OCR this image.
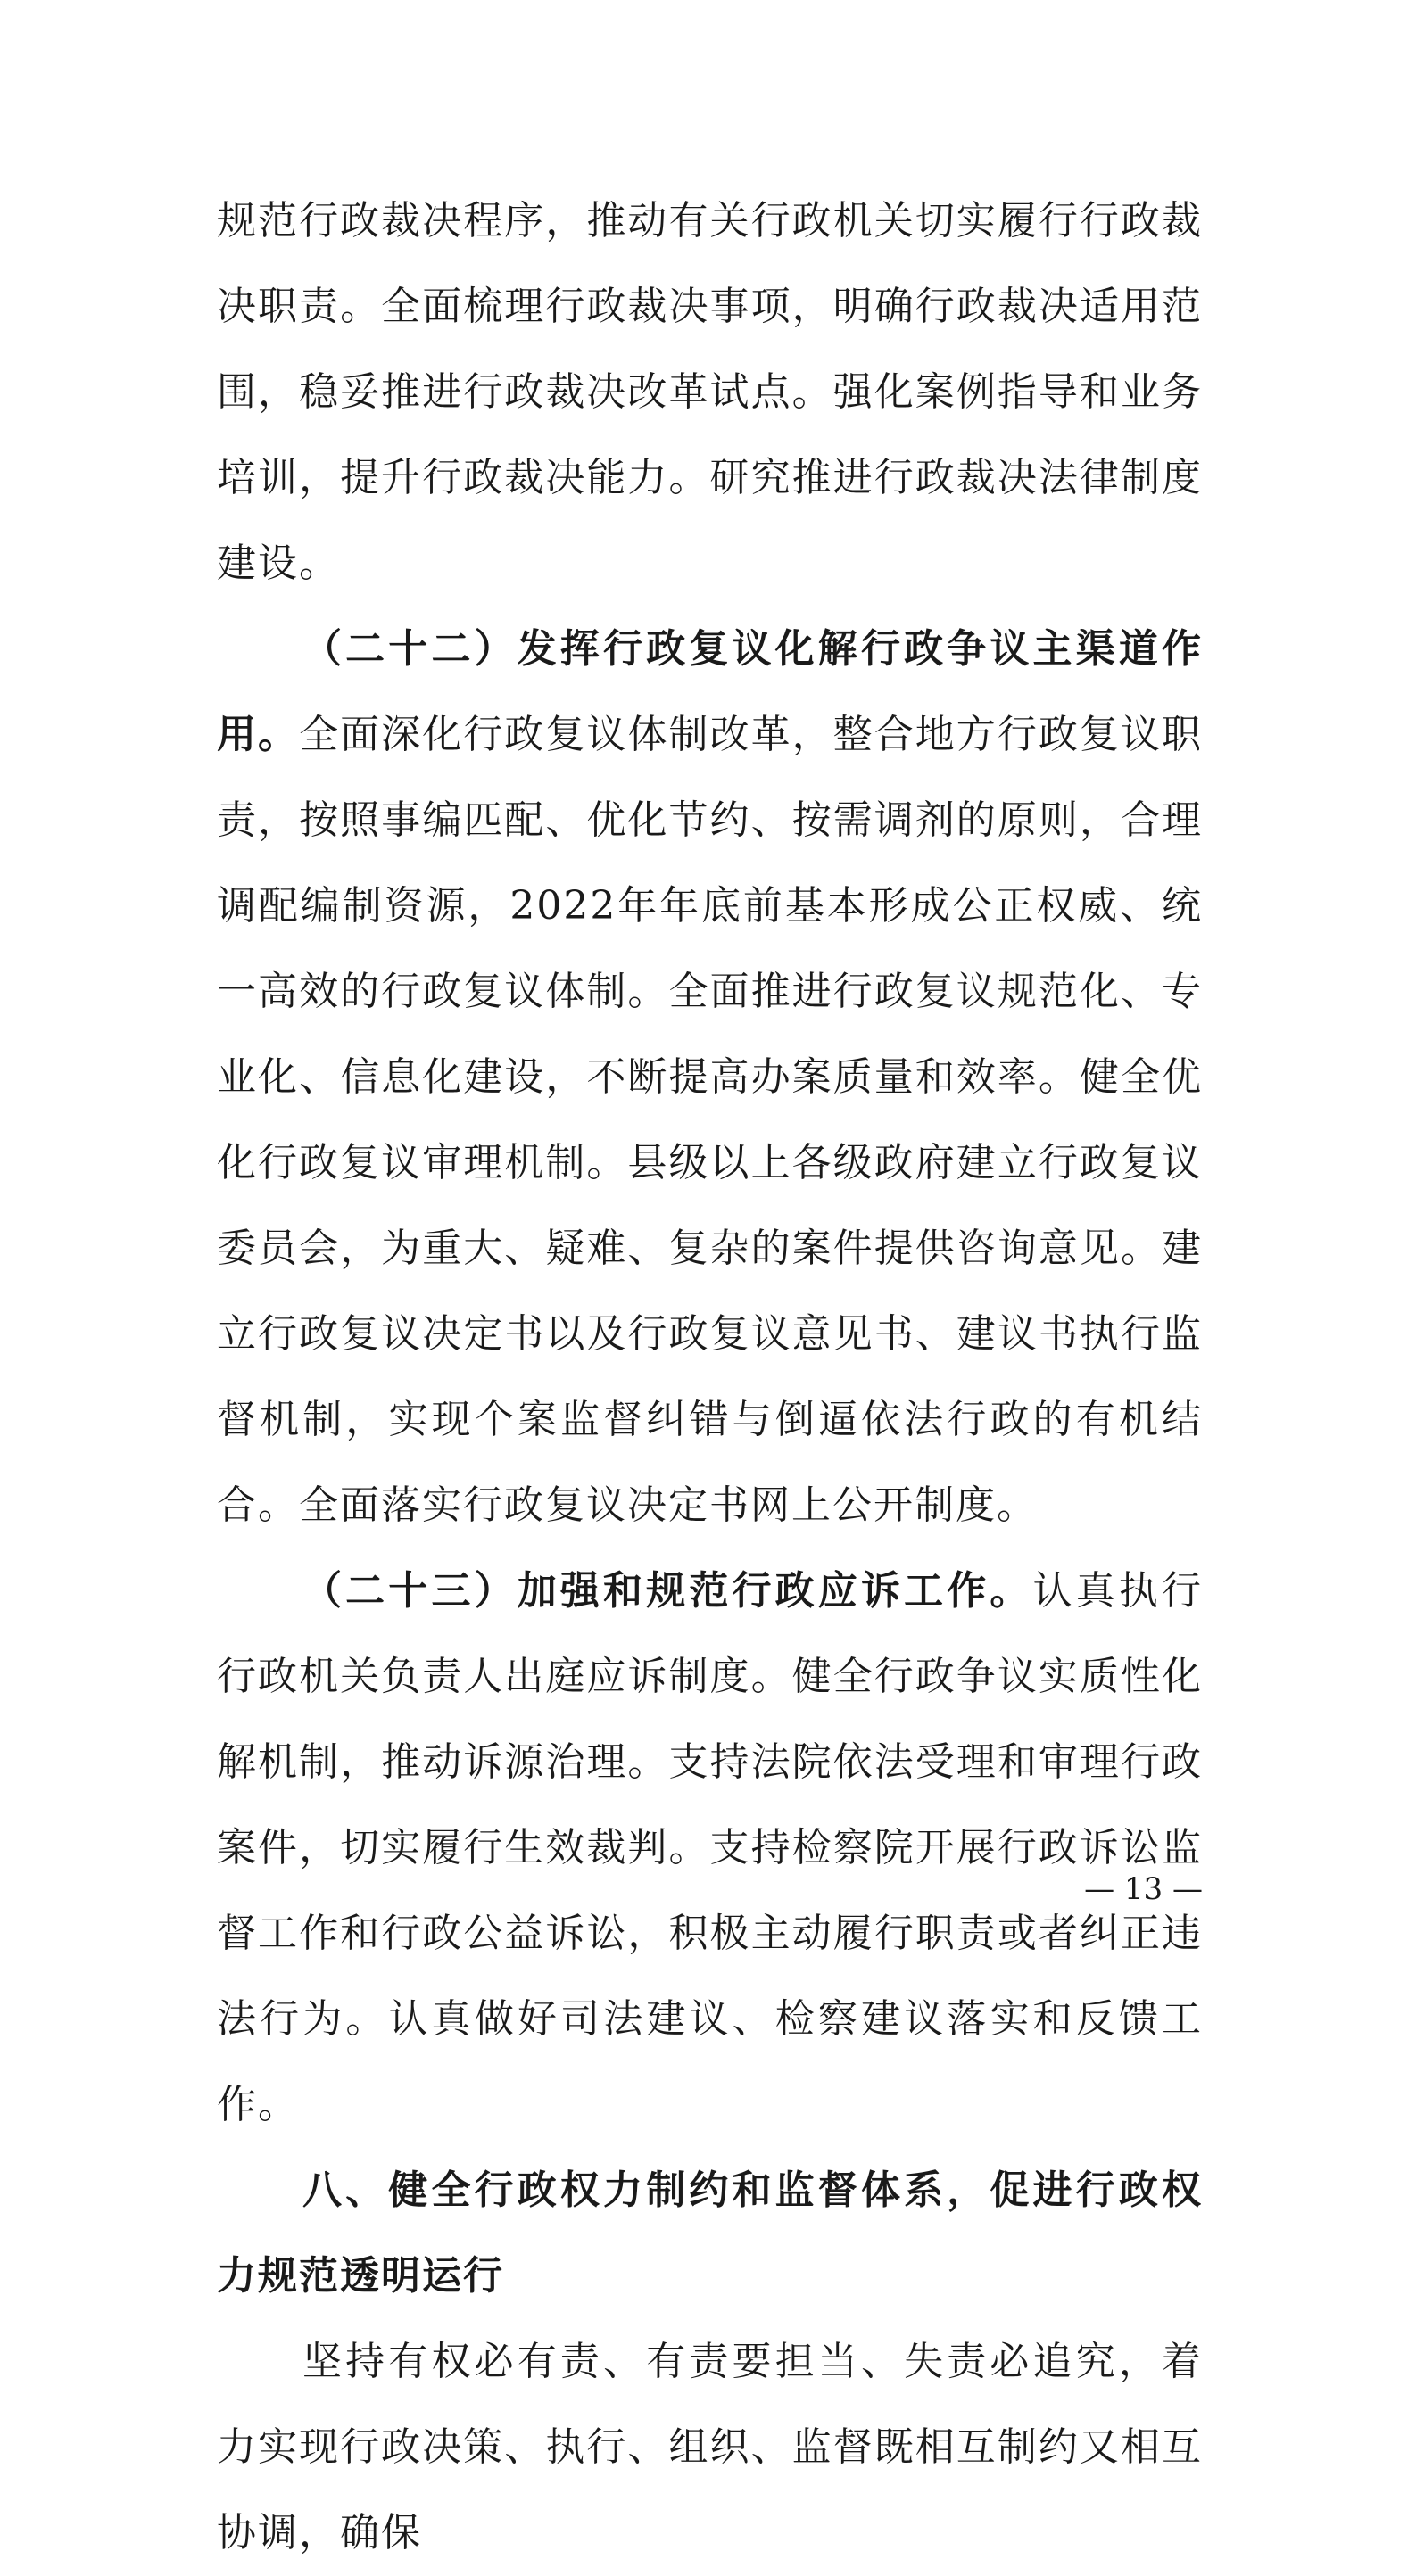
规范行政裁决程序，推动有关行政机关切实履行行政裁决职责。全面梳理行政裁决事项，明确行政裁决适用范围，稳妥推进行政裁决改革试点。强化案例指导和业务培训，提升行政裁决能力。研究推进行政裁决法律制度建设。

（二十二）发挥行政复议化解行政争议主渠道作用。全面深化行政复议体制改革，整合地方行政复议职责，按照事编匹配、优化节约、按需调剂的原则，合理调配编制资源，2022年年底前基本形成公正权威、统一高效的行政复议体制。全面推进行政复议规范化、专业化、信息化建设，不断提高办案质量和效率。健全优化行政复议审理机制。县级以上各级政府建立行政复议委员会，为重大、疑难、复杂的案件提供咨询意见。建立行政复议决定书以及行政复议意见书、建议书执行监督机制，实现个案监督纠错与倒逼依法行政的有机结合。全面落实行政复议决定书网上公开制度。

（二十三）加强和规范行政应诉工作。认真执行行政机关负责人出庭应诉制度。健全行政争议实质性化解机制，推动诉源治理。支持法院依法受理和审理行政案件，切实履行生效裁判。支持检察院开展行政诉讼监督工作和行政公益诉讼，积极主动履行职责或者纠正违法行为。认真做好司法建议、检察建议落实和反馈工作。

八、健全行政权力制约和监督体系，促进行政权力规范透明运行

坚持有权必有责、有责要担当、失责必追究，着力实现行政决策、执行、组织、监督既相互制约又相互协调，确保

— 13 —
